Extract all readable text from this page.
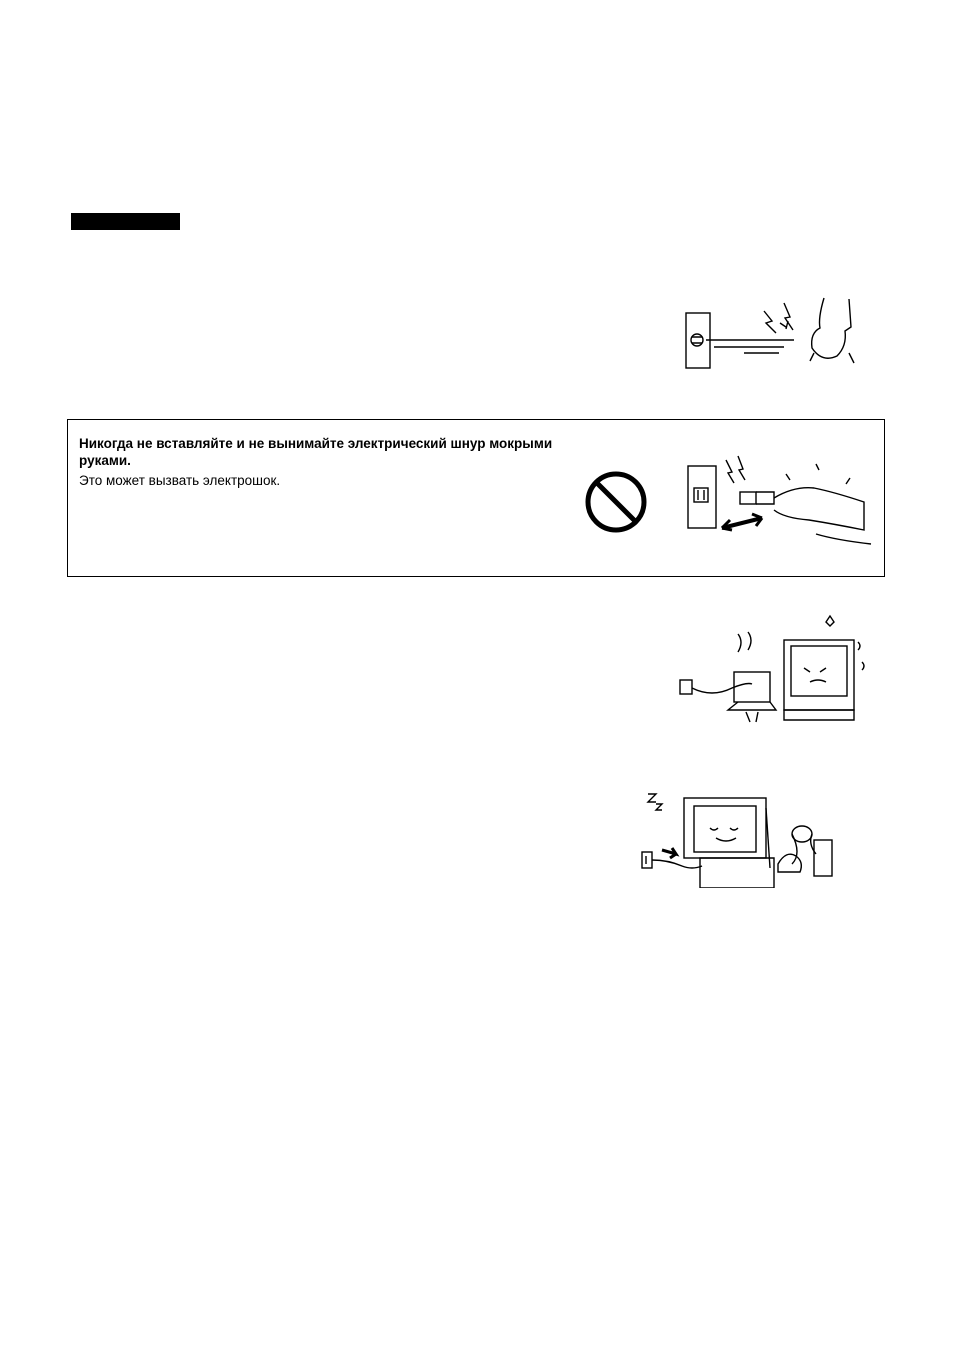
Никогда не вставляйте и не вынимайте электрический шнур мокрыми руками.
Это может вызвать электрошок.
